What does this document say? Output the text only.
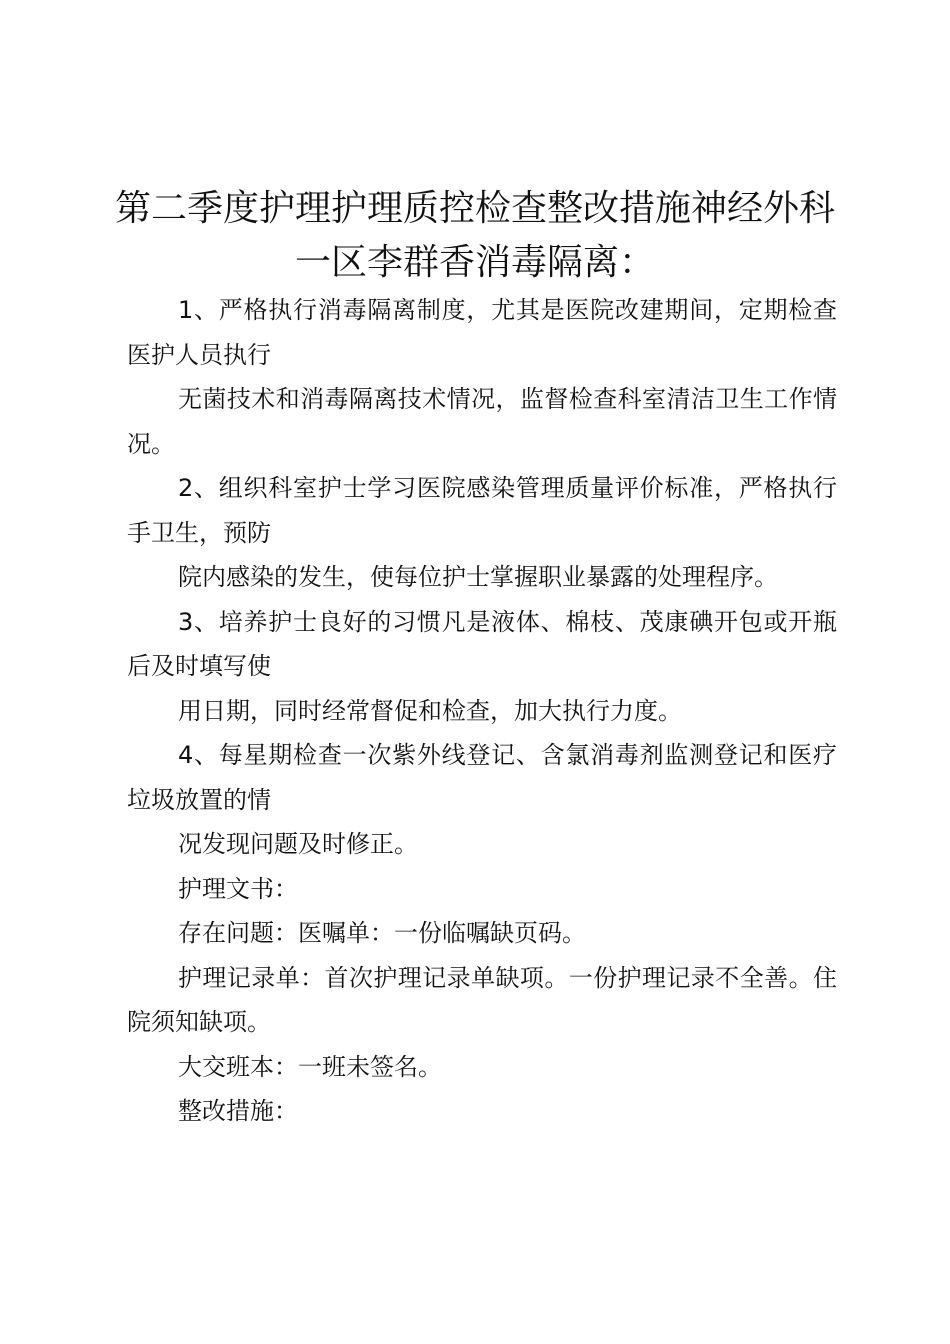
第二季度护理护理质控检查整改措施神经外科一区李群香消毒隔离：

1、严格执行消毒隔离制度，尤其是医院改建期间，定期检查医护人员执行

无菌技术和消毒隔离技术情况，监督检查科室清洁卫生工作情况。

2、组织科室护士学习医院感染管理质量评价标准，严格执行手卫生，预防

院内感染的发生，使每位护士掌握职业暴露的处理程序。

3、培养护士良好的习惯凡是液体、棉枝、茂康碘开包或开瓶后及时填写使

用日期，同时经常督促和检查，加大执行力度。

4、每星期检查一次紫外线登记、含氯消毒剂监测登记和医疗垃圾放置的情

况发现问题及时修正。

护理文书：

存在问题：医嘱单：一份临嘱缺页码。

护理记录单：首次护理记录单缺项。一份护理记录不全善。住院须知缺项。

大交班本：一班未签名。

整改措施：
